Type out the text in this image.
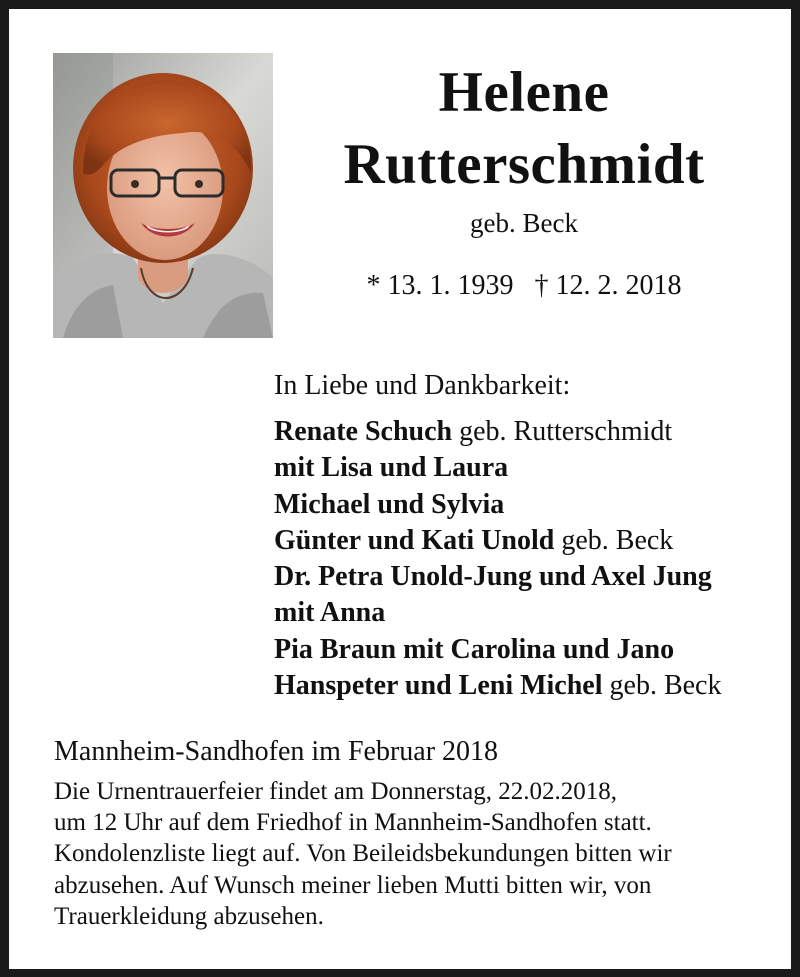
Helene
Rutterschmidt
geb. Beck
* 13. 1. 1939 † 12. 2. 2018
In Liebe und Dankbarkeit:
Renate Schuch geb. Rutterschmidt
mit Lisa und Laura
Michael und Sylvia
Günter und Kati Unold geb. Beck
Dr. Petra Unold-Jung und Axel Jung
mit Anna
Pia Braun mit Carolina und Jano
Hanspeter und Leni Michel geb. Beck
Mannheim-Sandhofen im Februar 2018
Die Urnentrauerfeier findet am Donnerstag, 22.02.2018,
um 12 Uhr auf dem Friedhof in Mannheim-Sandhofen statt.
Kondolenzliste liegt auf. Von Beileidsbekundungen bitten wir
abzusehen. Auf Wunsch meiner lieben Mutti bitten wir, von
Trauerkleidung abzusehen.
